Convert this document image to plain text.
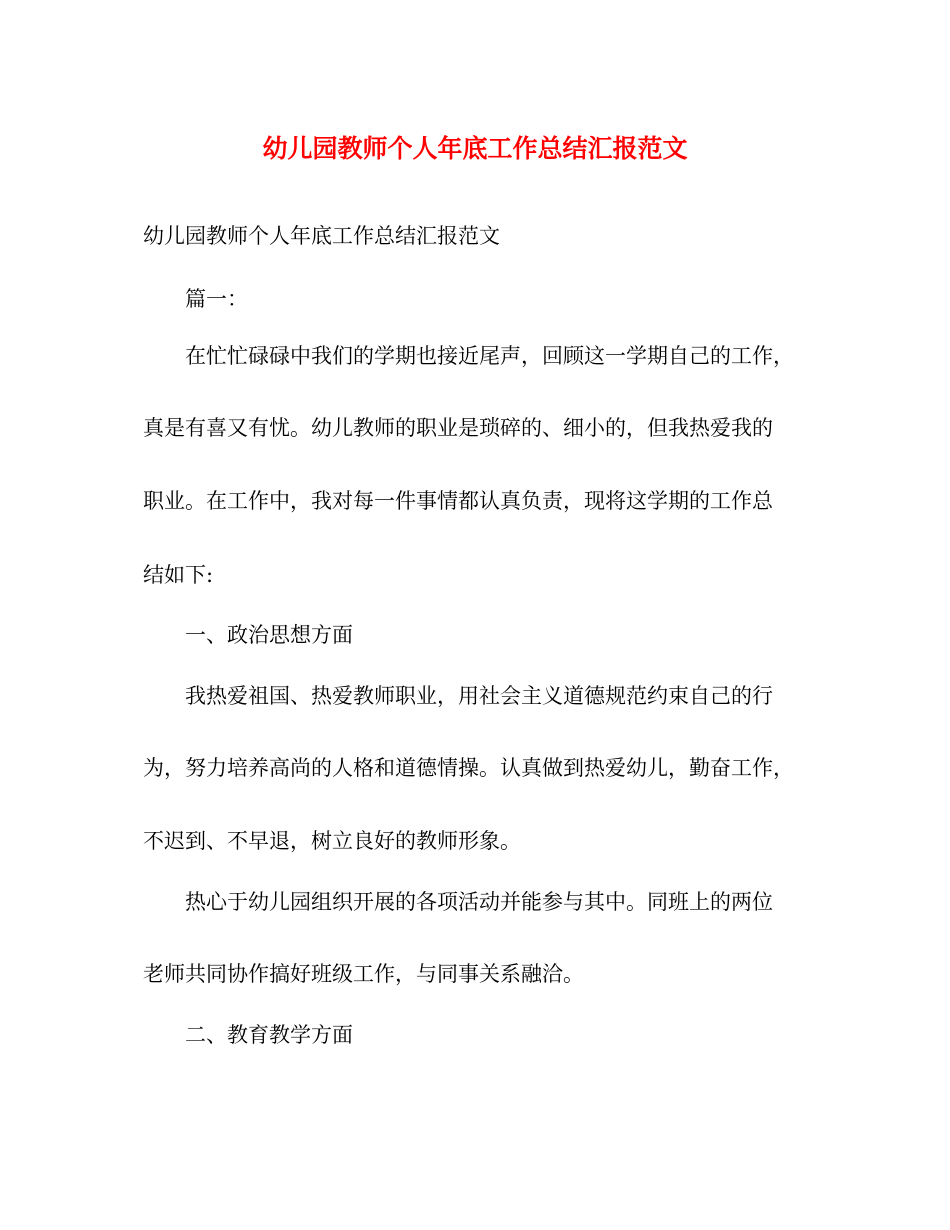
幼儿园教师个人年底工作总结汇报范文
幼儿园教师个人年底工作总结汇报范文
篇一：
在忙忙碌碌中我们的学期也接近尾声，回顾这一学期自己的工作，
真是有喜又有忧。幼儿教师的职业是琐碎的、细小的，但我热爱我的
职业。在工作中，我对每一件事情都认真负责，现将这学期的工作总
结如下:
一、政治思想方面
我热爱祖国、热爱教师职业，用社会主义道德规范约束自己的行
为，努力培养高尚的人格和道德情操。认真做到热爱幼儿，勤奋工作，
不迟到、不早退，树立良好的教师形象。
热心于幼儿园组织开展的各项活动并能参与其中。同班上的两位
老师共同协作搞好班级工作，与同事关系融洽。
二、教育教学方面
